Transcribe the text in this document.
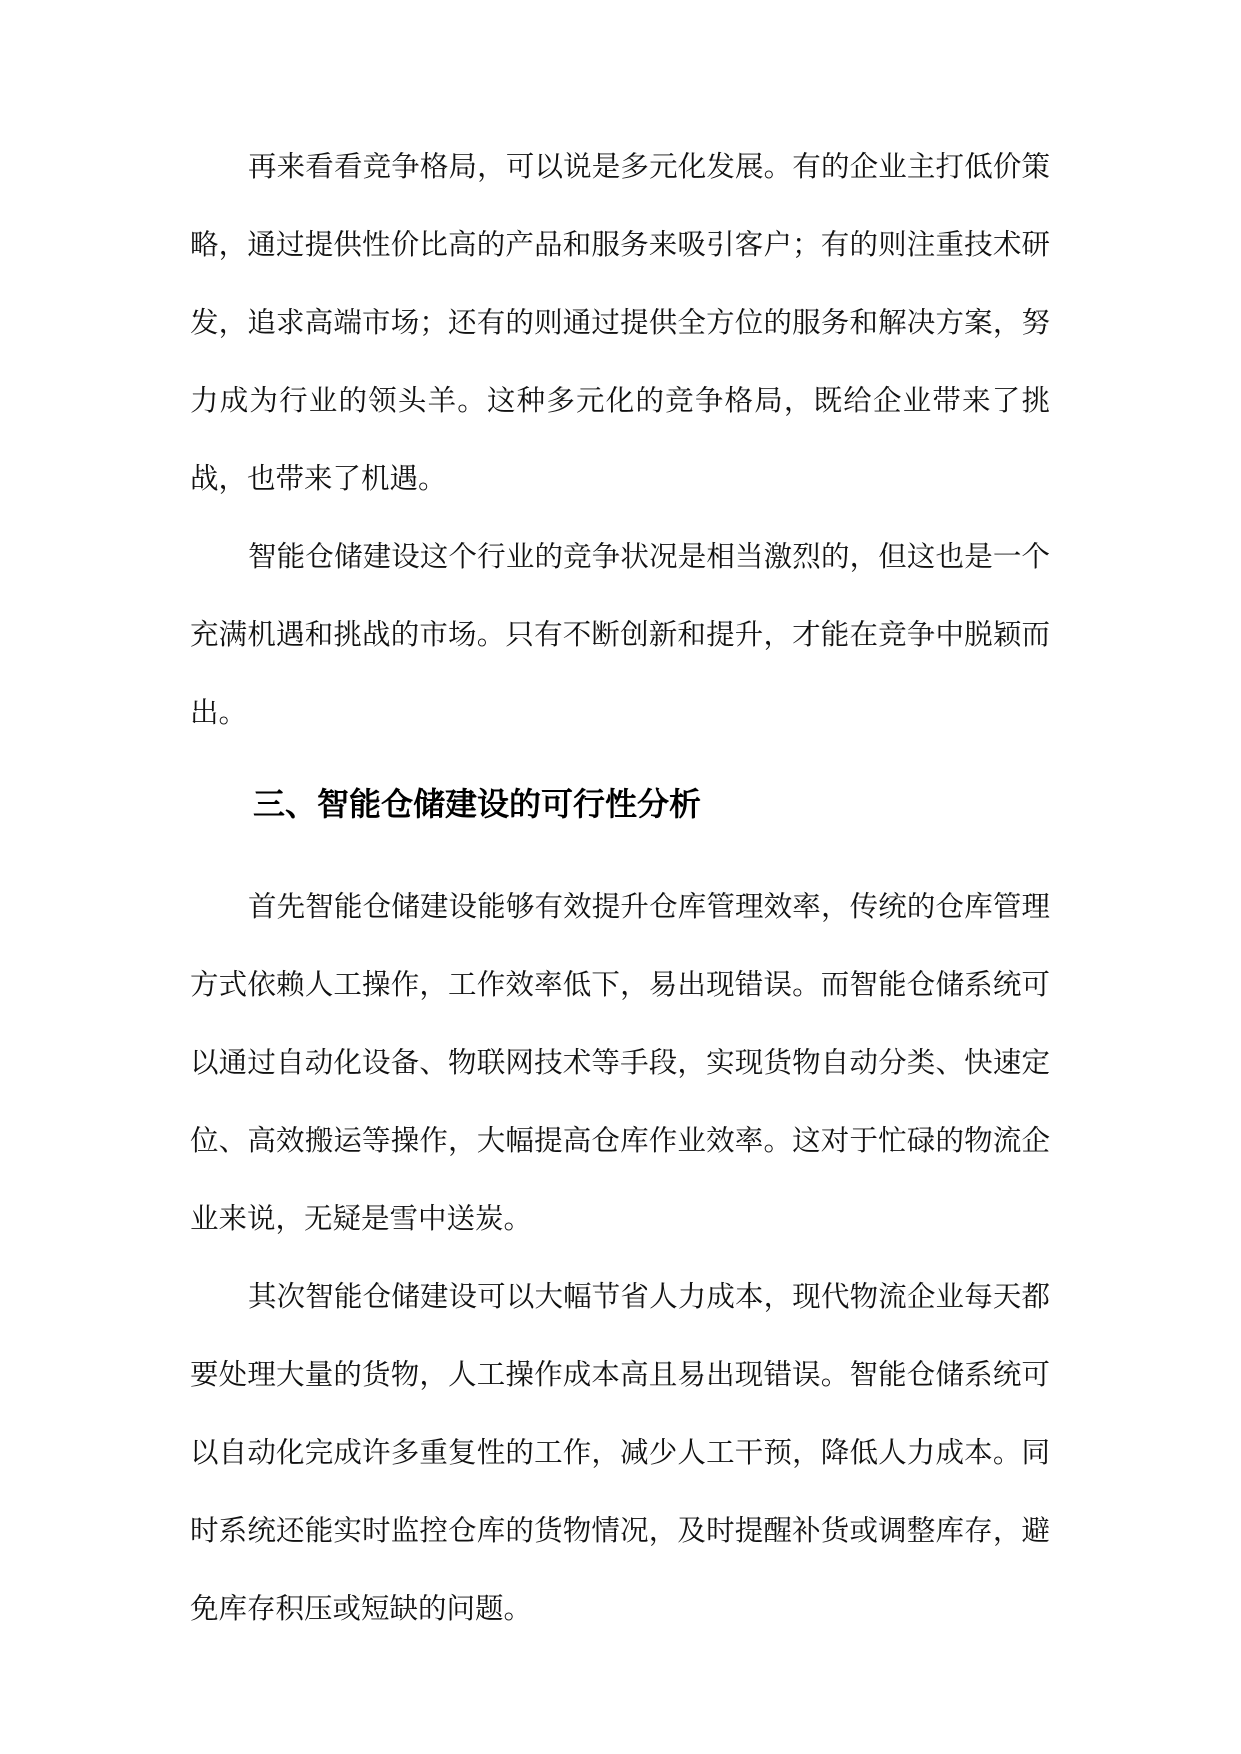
再来看看竞争格局，可以说是多元化发展。有的企业主打低价策略，通过提供性价比高的产品和服务来吸引客户；有的则注重技术研发，追求高端市场；还有的则通过提供全方位的服务和解决方案，努力成为行业的领头羊。这种多元化的竞争格局，既给企业带来了挑战，也带来了机遇。

智能仓储建设这个行业的竞争状况是相当激烈的，但这也是一个充满机遇和挑战的市场。只有不断创新和提升，才能在竞争中脱颖而出。

三、智能仓储建设的可行性分析

首先智能仓储建设能够有效提升仓库管理效率，传统的仓库管理方式依赖人工操作，工作效率低下，易出现错误。而智能仓储系统可以通过自动化设备、物联网技术等手段，实现货物自动分类、快速定位、高效搬运等操作，大幅提高仓库作业效率。这对于忙碌的物流企业来说，无疑是雪中送炭。

其次智能仓储建设可以大幅节省人力成本，现代物流企业每天都要处理大量的货物，人工操作成本高且易出现错误。智能仓储系统可以自动化完成许多重复性的工作，减少人工干预，降低人力成本。同时系统还能实时监控仓库的货物情况，及时提醒补货或调整库存，避免库存积压或短缺的问题。
